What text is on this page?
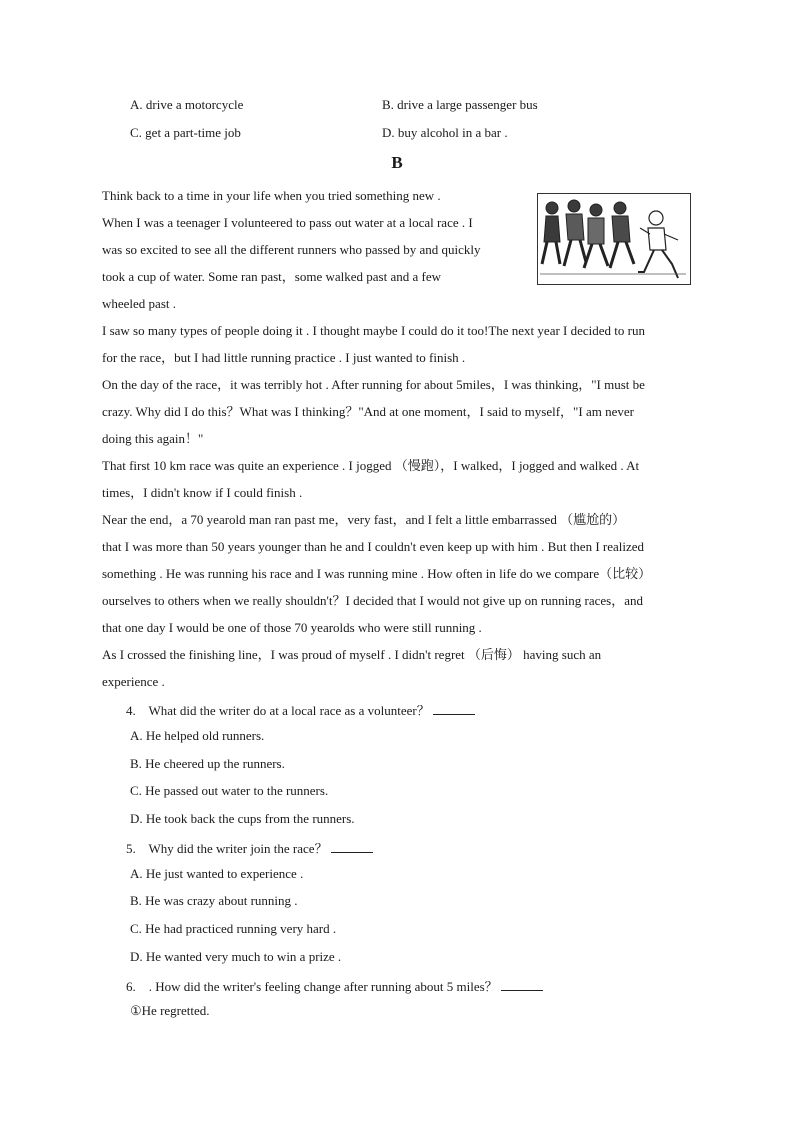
A. drive a motorcycle	B. drive a large passenger bus
C. get a part-time job	D. buy alcohol in a bar .
B
Think back to a time in your life when you tried something new .
When I was a teenager I volunteered to pass out water at a local race . I
was so excited to see all the different runners who passed by and quickly
took a cup of water. Some ran past，some walked past and a few
wheeled past .
I saw so many types of people doing it . I thought maybe I could do it too!The next year I decided to run
for the race，but I had little running practice . I just wanted to finish .
On the day of the race，it was terribly hot . After running for about 5miles，I was thinking，"I must be
crazy. Why did I do this？What was I thinking？"And at one moment，I said to myself，"I am never
doing this again！"
That first 10 km race was quite an experience . I jogged （慢跑），I walked，I jogged and walked . At
times，I didn't know if I could finish .
Near the end，a 70 yearold man ran past me，very fast，and I felt a little embarrassed （尴尬的）
that I was more than 50 years younger than he and I couldn't even keep up with him . But then I realized
something . He was running his race and I was running mine . How often in life do we compare（比较）
ourselves to others when we really shouldn't？I decided that I would not give up on running races，and
that one day I would be one of those 70 yearolds who were still running .
As I crossed the finishing line，I was proud of myself . I didn't regret （后悔） having such an
experience .
4. What did the writer do at a local race as a volunteer？
A. He helped old runners.
B. He cheered up the runners.
C. He passed out water to the runners.
D. He took back the cups from the runners.
5. Why did the writer join the race？
A. He just wanted to experience .
B. He was crazy about running .
C. He had practiced running very hard .
D. He wanted very much to win a prize .
6. . How did the writer's feeling change after running about 5 miles？
①He regretted.
